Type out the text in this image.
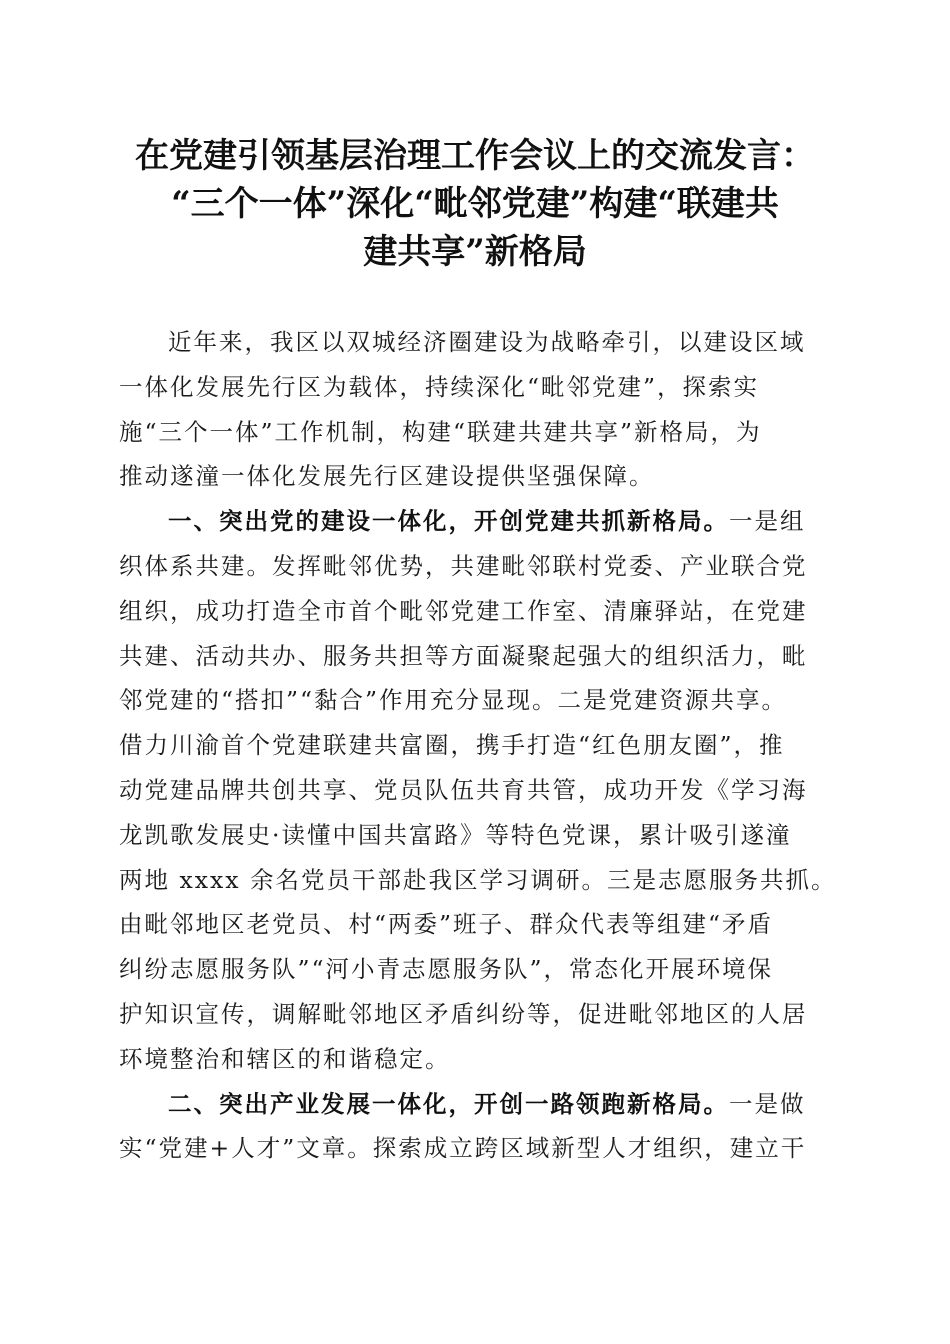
在党建引领基层治理工作会议上的交流发言：
“三个一体”深化“毗邻党建”构建“联建共
建共享”新格局
近年来，我区以双城经济圈建设为战略牵引，以建设区域
一体化发展先行区为载体，持续深化“毗邻党建”，探索实
施“三个一体”工作机制，构建“联建共建共享”新格局，为
推动遂潼一体化发展先行区建设提供坚强保障。
一、突出党的建设一体化，开创党建共抓新格局。一是组
织体系共建。发挥毗邻优势，共建毗邻联村党委、产业联合党
组织，成功打造全市首个毗邻党建工作室、清廉驿站，在党建
共建、活动共办、服务共担等方面凝聚起强大的组织活力，毗
邻党建的“搭扣”“黏合”作用充分显现。二是党建资源共享。
借力川渝首个党建联建共富圈，携手打造“红色朋友圈”，推
动党建品牌共创共享、党员队伍共育共管，成功开发《学习海
龙凯歌发展史·读懂中国共富路》等特色党课，累计吸引遂潼
两地 xxxx 余名党员干部赴我区学习调研。三是志愿服务共抓。
由毗邻地区老党员、村“两委”班子、群众代表等组建“矛盾
纠纷志愿服务队”“河小青志愿服务队”，常态化开展环境保
护知识宣传，调解毗邻地区矛盾纠纷等，促进毗邻地区的人居
环境整治和辖区的和谐稳定。
二、突出产业发展一体化，开创一路领跑新格局。一是做
实“党建+人才”文章。探索成立跨区域新型人才组织，建立干
